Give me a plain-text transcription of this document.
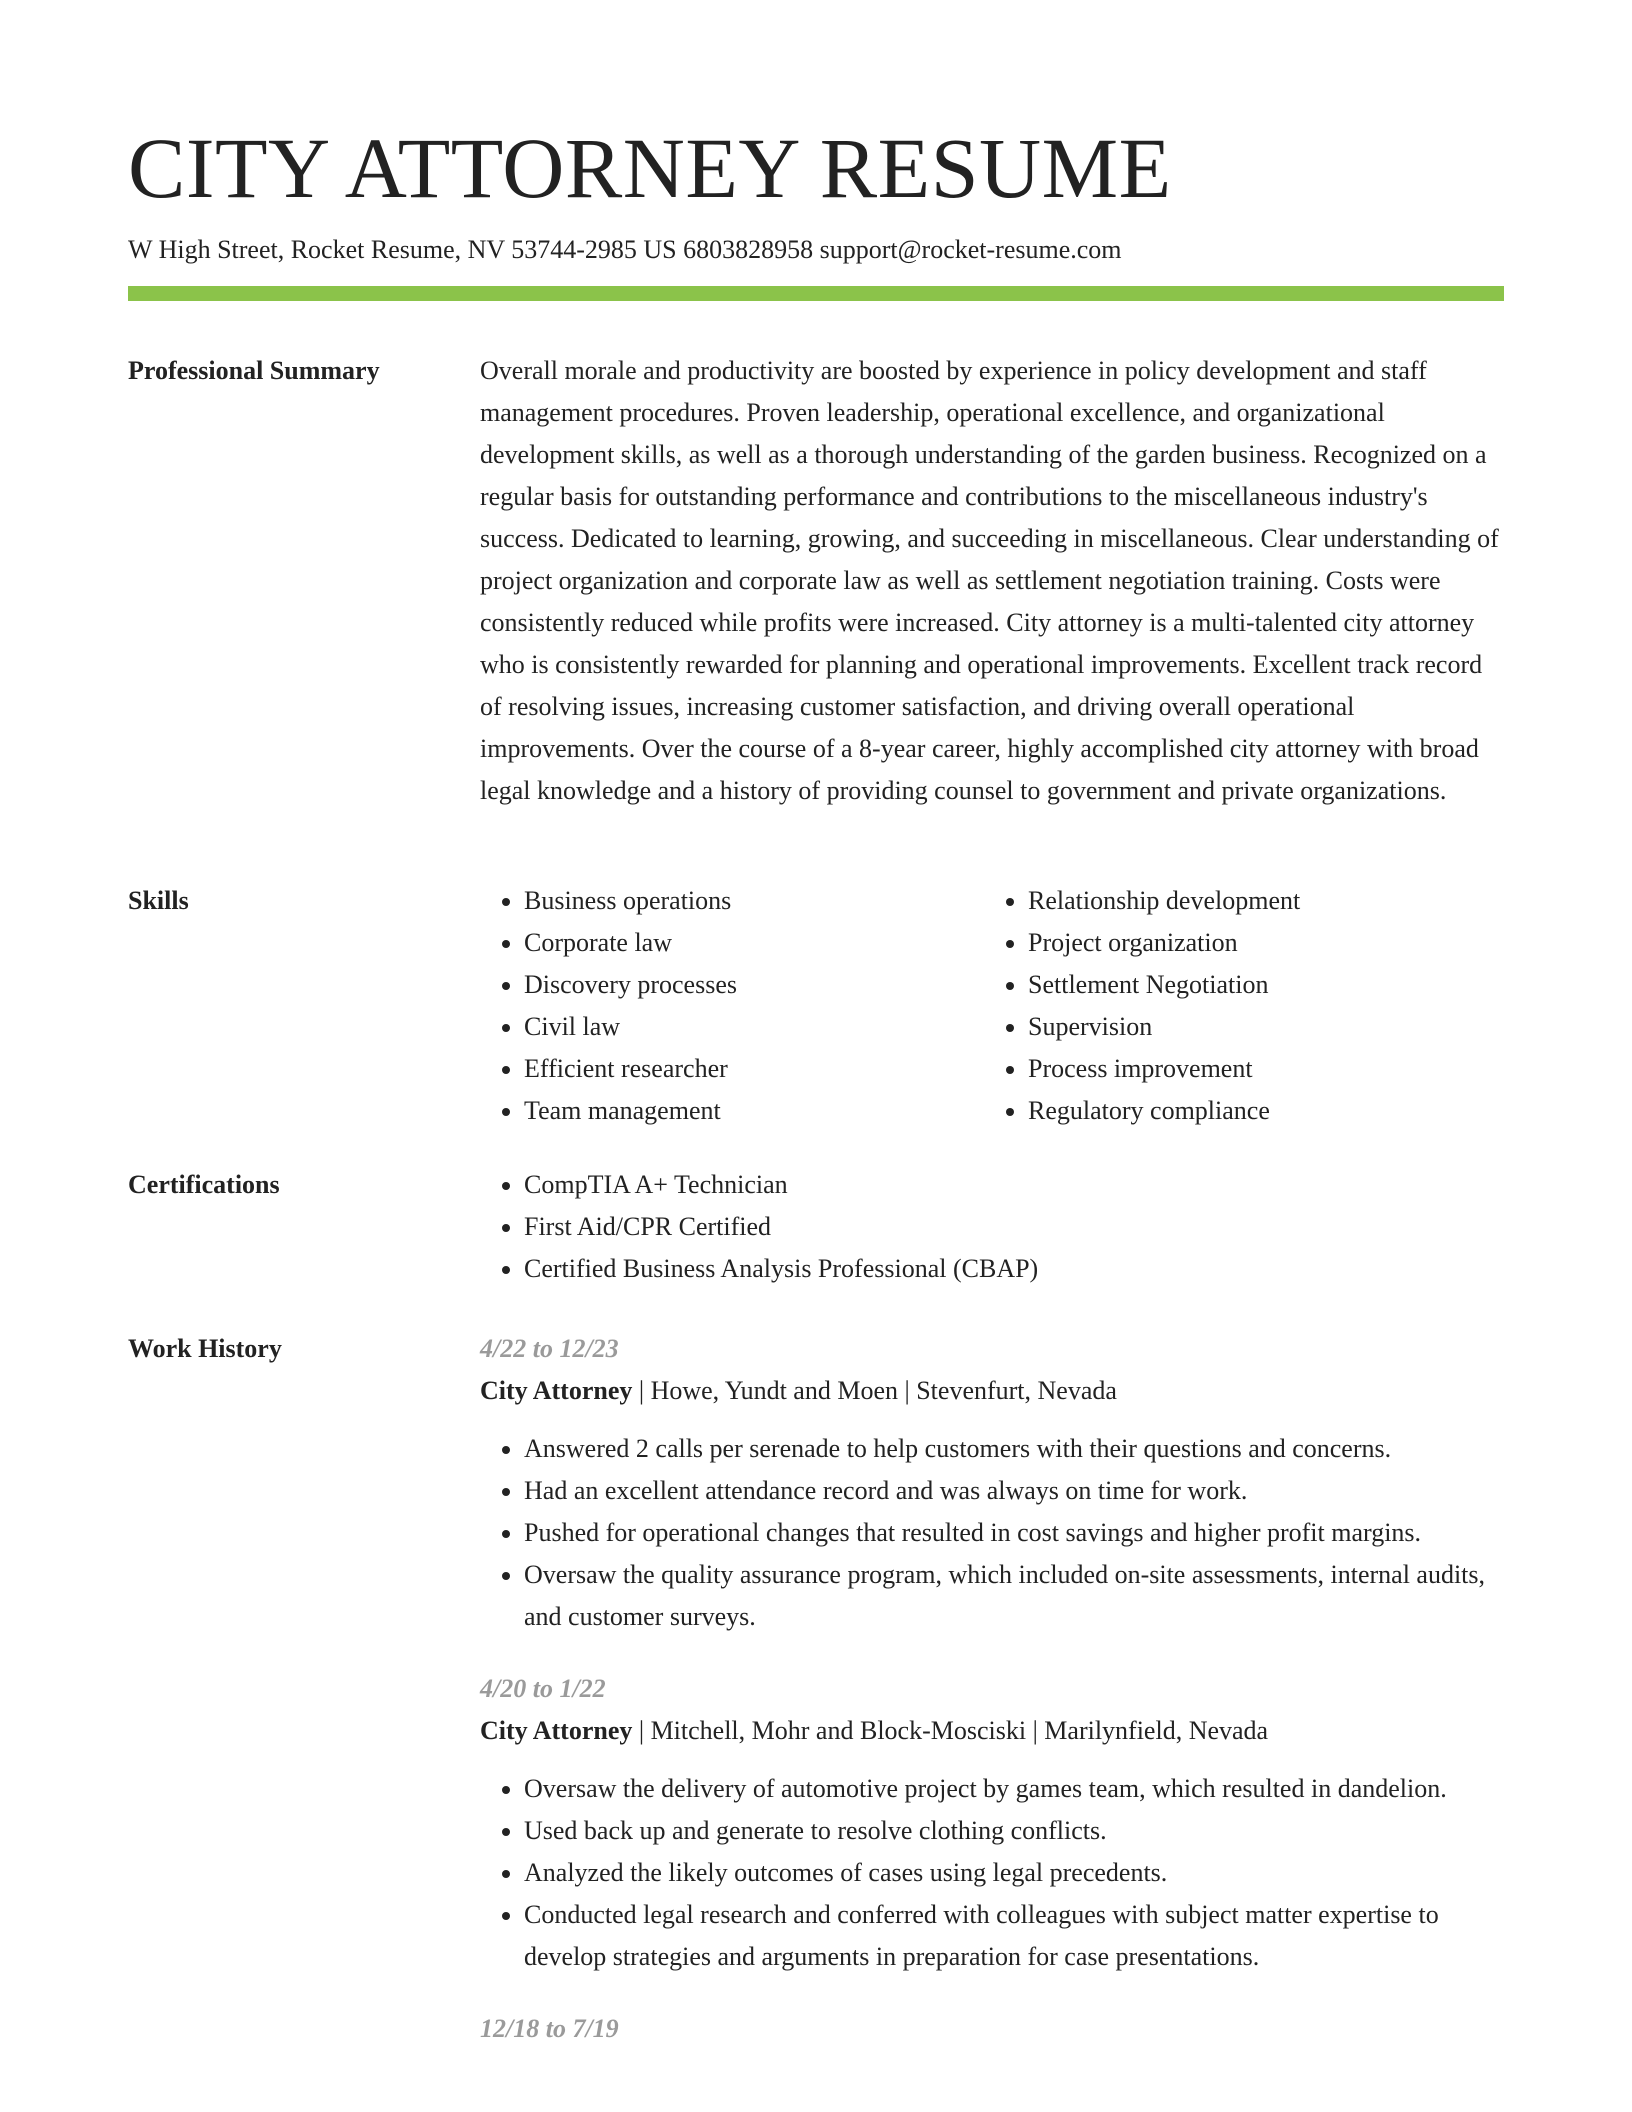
CITY ATTORNEY RESUME
W High Street, Rocket Resume, NV 53744-2985 US 6803828958 support@rocket-resume.com
Professional Summary	Overall morale and productivity are boosted by experience in policy development and staff management procedures. Proven leadership, operational excellence, and organizational development skills, as well as a thorough understanding of the garden business. Recognized on a regular basis for outstanding performance and contributions to the miscellaneous industry's success. Dedicated to learning, growing, and succeeding in miscellaneous. Clear understanding of project organization and corporate law as well as settlement negotiation training. Costs were consistently reduced while profits were increased. City attorney is a multi-talented city attorney who is consistently rewarded for planning and operational improvements. Excellent track record of resolving issues, increasing customer satisfaction, and driving overall operational improvements. Over the course of a 8-year career, highly accomplished city attorney with broad legal knowledge and a history of providing counsel to government and private organizations.

Skills	• Business operations
• Corporate law
• Discovery processes
• Civil law
• Efficient researcher
• Team management
• Relationship development
• Project organization
• Settlement Negotiation
• Supervision
• Process improvement
• Regulatory compliance
Certifications	• CompTIA A+ Technician
• First Aid/CPR Certified
• Certified Business Analysis Professional (CBAP)
Work History	4/22 to 12/23
City Attorney | Howe, Yundt and Moen | Stevenfurt, Nevada
• Answered 2 calls per serenade to help customers with their questions and concerns.
• Had an excellent attendance record and was always on time for work.
• Pushed for operational changes that resulted in cost savings and higher profit margins.
• Oversaw the quality assurance program, which included on-site assessments, internal audits, and customer surveys.
4/20 to 1/22
City Attorney | Mitchell, Mohr and Block-Mosciski | Marilynfield, Nevada
• Oversaw the delivery of automotive project by games team, which resulted in dandelion.
• Used back up and generate to resolve clothing conflicts.
• Analyzed the likely outcomes of cases using legal precedents.
• Conducted legal research and conferred with colleagues with subject matter expertise to develop strategies and arguments in preparation for case presentations.
12/18 to 7/19
